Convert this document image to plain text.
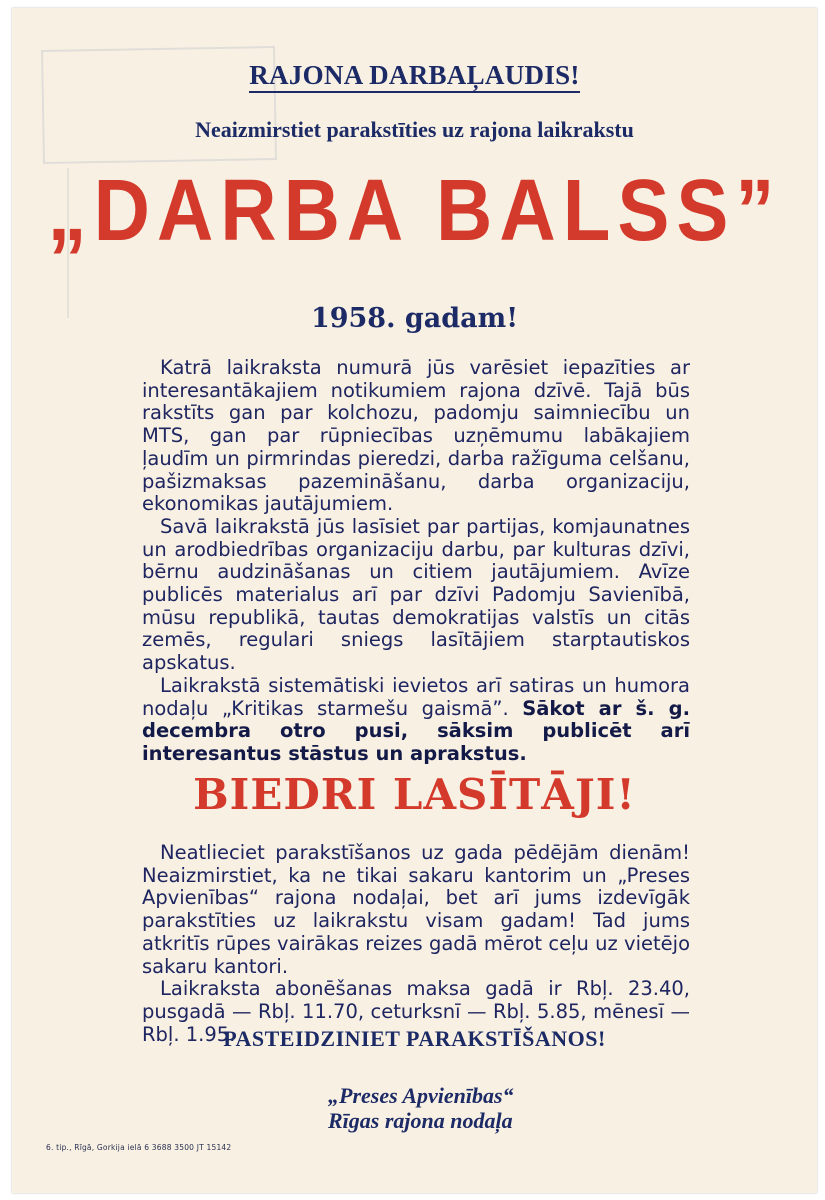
RAJONA DARBAĻAUDIS!
Neaizmirstiet parakstīties uz rajona laikrakstu
„DARBA BALSS”
1958. gadam!

Katrā laikraksta numurā jūs varēsiet iepazīties ar interesantākajiem notikumiem rajona dzīvē. Tajā būs rakstīts gan par kolchozu, padomju saimniecību un MTS, gan par rūpniecības uzņēmumu labākajiem ļaudīm un pirmrindas pieredzi, darba ražīguma celšanu, pašizmaksas pazemināšanu, darba organizaciju, ekonomikas jautājumiem.

Savā laikrakstā jūs lasīsiet par partijas, komjaunatnes un arodbiedrības organizaciju darbu, par kulturas dzīvi, bērnu audzināšanas un citiem jautājumiem. Avīze publicēs materialus arī par dzīvi Padomju Savienībā, mūsu republikā, tautas demokratijas valstīs un citās zemēs, regulari sniegs lasītājiem starptautiskos apskatus.

Laikrakstā sistemātiski ievietos arī satiras un humora nodaļu „Kritikas starmešu gaismā”. Sākot ar š. g. decembra otro pusi, sāksim publicēt arī interesantus stāstus un aprakstus.

BIEDRI LASĪTĀJI!

Neatlieciet parakstīšanos uz gada pēdējām dienām! Neaizmirstiet, ka ne tikai sakaru kantorim un „Preses Apvienības“ rajona nodaļai, bet arī jums izdevīgāk parakstīties uz laikrakstu visam gadam! Tad jums atkritīs rūpes vairākas reizes gadā mērot ceļu uz vietējo sakaru kantori.

Laikraksta abonēšanas maksa gadā ir Rbļ. 23.40, pusgadā — Rbļ. 11.70, ceturksnī — Rbļ. 5.85, mēnesī — Rbļ. 1.95.

PASTEIDZINIET PARAKSTĪŠANOS!
„Preses Apvienības“
Rīgas rajona nodaļa
6. tip., Rīgā, Gorkija ielā 6 3688 3500 JT 15142
